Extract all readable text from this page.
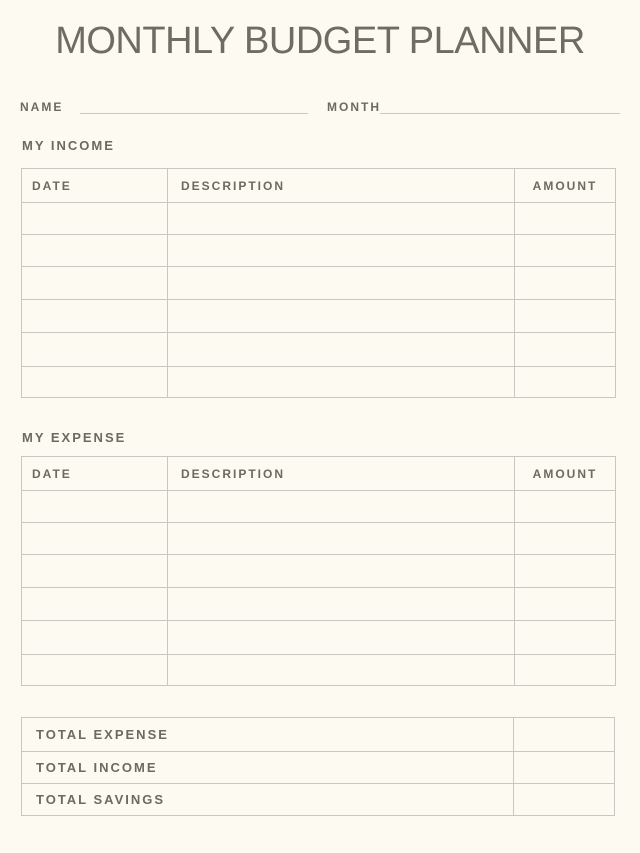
MONTHLY BUDGET PLANNER
NAME	MONTH
MY INCOME
DATE	DESCRIPTION	AMOUNT

MY EXPENSE
DATE	DESCRIPTION	AMOUNT

TOTAL EXPENSE	
TOTAL INCOME	
TOTAL SAVINGS	
